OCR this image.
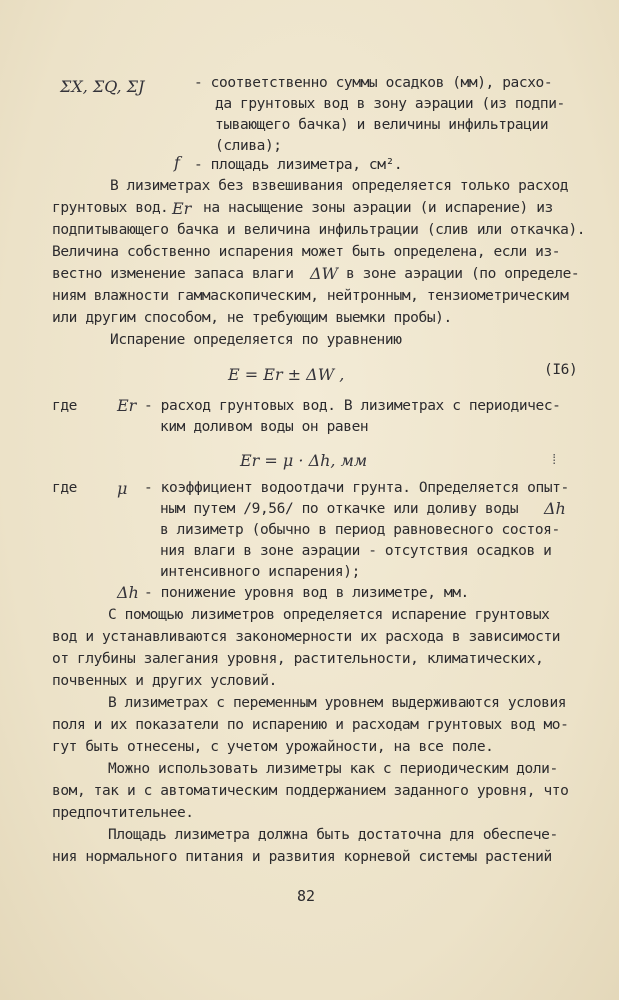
ΣX, ΣQ, ΣJ	- соответственно суммы осадков (мм), расхо-
да грунтовых вод в зону аэрации (из подпи-
тывающего бачка) и величины инфильтрации
(слива);
f - площадь лизиметра, см².
В лизиметрах без взвешивания определяется только расход
грунтовых вод Er
. на насыщение зоны аэрации (и испарение) из
подпитывающего бачка и величина инфильтрации (слив или откачка).
Величина собственно испарения может быть определена, если из-
вестно изменение запаса влаги ΔW в зоне аэрации (по определе-
ниям влажности гаммаскопическим, нейтронным, тензиометрическим
или другим способом, не требующим выемки пробы).
Испарение определяется по уравнению
E = Er ± ΔW ,	(I6)
где	Er - расход грунтовых вод. В лизиметрах с периодичес-
ким доливом воды он равен
Er = μ · Δh, мм	⁞
где	μ - коэффициент водоотдачи грунта. Определяется опыт-
ным путем /9,56/ по откачке или доливу воды Δh
в лизиметр (обычно в период равновесного состоя-
ния влаги в зоне аэрации - отсутствия осадков и
интенсивного испарения);
Δh - понижение уровня вод в лизиметре, мм.
С помощью лизиметров определяется испарение грунтовых
вод и устанавливаются закономерности их расхода в зависимости
от глубины залегания уровня, растительности, климатических,
почвенных и других условий.
В лизиметрах с переменным уровнем выдерживаются условия
поля и их показатели по испарению и расходам грунтовых вод мо-
гут быть отнесены, с учетом урожайности, на все поле.
Можно использовать лизиметры как с периодическим доли-
вом, так и с автоматическим поддержанием заданного уровня, что
предпочтительнее.
Площадь лизиметра должна быть достаточна для обеспече-
ния нормального питания и развития корневой системы растений
82
